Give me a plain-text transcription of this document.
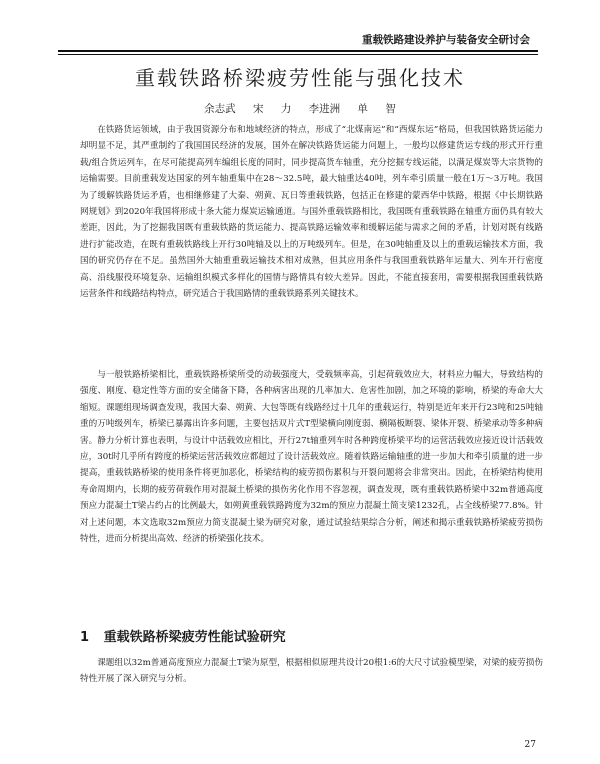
重载铁路建设养护与装备安全研讨会
重载铁路桥梁疲劳性能与强化技术
余志武 宋 力 李进洲 单 智

在铁路货运领域，由于我国资源分布和地域经济的特点，形成了“北煤南运”和“西煤东运”格局，但我国铁路货运能力却明显不足，其严重制约了我国国民经济的发展，国外在解决铁路货运能力问题上，一般均以修建货运专线的形式开行重载/组合货运列车，在尽可能提高列车编组长度的同时，同步提高货车轴重，充分挖掘专线运能，以满足煤炭等大宗货物的运输需要。目前重载发达国家的列车轴重集中在28～32.5吨，最大轴重达40吨，列车牵引质量一般在1万～3万吨。我国为了缓解铁路货运矛盾，也相继修建了大秦、朔黄、瓦日等重载铁路，包括正在修建的蒙西华中铁路，根据《中长期铁路网规划》到2020年我国将形成十条大能力煤炭运输通道。与国外重载铁路相比，我国既有重载铁路在轴重方面仍具有较大差距，因此，为了挖掘我国既有重载铁路的货运能力、提高铁路运输效率和缓解运能与需求之间的矛盾，计划对既有线路进行扩能改造，在既有重载铁路线上开行30吨轴及以上的万吨级列车。但是，在30吨轴重及以上的重载运输技术方面，我国的研究仍存在不足。虽然国外大轴重重载运输技术相对成熟，但其应用条件与我国重载铁路年运量大、列车开行密度高、沿线服役环境复杂、运输组织模式多样化的国情与路情具有较大差异。因此，不能直接套用，需要根据我国重载铁路运营条件和线路结构特点，研究适合于我国路情的重载铁路系列关键技术。

与一般铁路桥梁相比，重载铁路桥梁所受的动载强度大，受载频率高，引起荷载效应大，材料应力幅大，导致结构的强度、刚度、稳定性等方面的安全储备下降，各种病害出现的几率加大、危害性加剧，加之环境的影响，桥梁的寿命大大缩短。课题组现场调查发现，我国大秦、朔黄、大包等既有线路经过十几年的重载运行，特别是近年来开行23吨和25吨轴重的万吨级列车，桥梁已暴露出许多问题，主要包括双片式T型梁横向刚度弱、横隔板断裂、梁体开裂、桥梁承动等多种病害。静力分析计算也表明，与设计中活载效应相比，开行27t轴重列车时各种跨度桥梁平均的运营活载效应接近设计活载效应，30t时几乎所有跨度的桥梁运营活载效应都超过了设计活载效应。随着铁路运输轴重的进一步加大和牵引质量的进一步提高，重载铁路桥梁的使用条件将更加恶化，桥梁结构的疲劳损伤累积与开裂问题将会非常突出。因此，在桥梁结构使用寿命周期内，长期的疲劳荷载作用对混凝土桥梁的损伤劣化作用不容忽视，调查发现，既有重载铁路桥梁中32m普通高度预应力混凝土T梁占约占的比例最大，如朔黄重载铁路跨度为32m的预应力混凝土简支梁1232孔，占全线桥梁77.8%。针对上述问题，本文选取32m预应力简支混凝土梁为研究对象，通过试验结果综合分析，阐述和揭示重载铁路桥梁疲劳损伤特性，进而分析提出高效、经济的桥梁强化技术。

1 重载铁路桥梁疲劳性能试验研究

课题组以32m普通高度预应力混凝土T梁为原型，根据相似原理共设计20根1:6的大尺寸试验模型梁，对梁的疲劳损伤特性开展了深入研究与分析。

27
